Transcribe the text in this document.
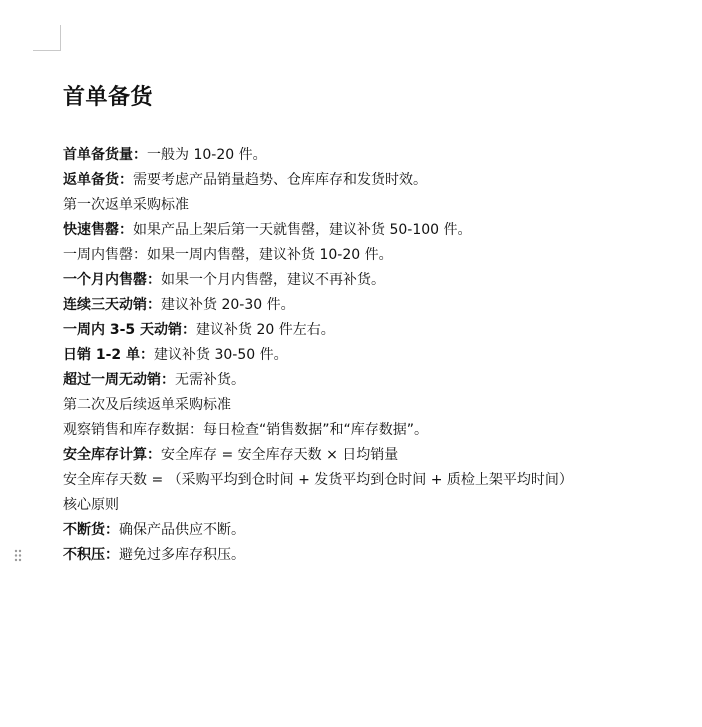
首单备货
首单备货量：一般为 10-20 件。
返单备货：需要考虑产品销量趋势、仓库库存和发货时效。
第一次返单采购标准
快速售罄：如果产品上架后第一天就售罄，建议补货 50-100 件。
一周内售罄：如果一周内售罄，建议补货 10-20 件。
一个月内售罄：如果一个月内售罄，建议不再补货。
连续三天动销：建议补货 20-30 件。
一周内 3-5 天动销：建议补货 20 件左右。
日销 1-2 单：建议补货 30-50 件。
超过一周无动销：无需补货。
第二次及后续返单采购标准
观察销售和库存数据：每日检查“销售数据”和“库存数据”。
安全库存计算：安全库存 = 安全库存天数 × 日均销量
安全库存天数 = （采购平均到仓时间 + 发货平均到仓时间 + 质检上架平均时间）
核心原则
不断货：确保产品供应不断。
不积压：避免过多库存积压。
